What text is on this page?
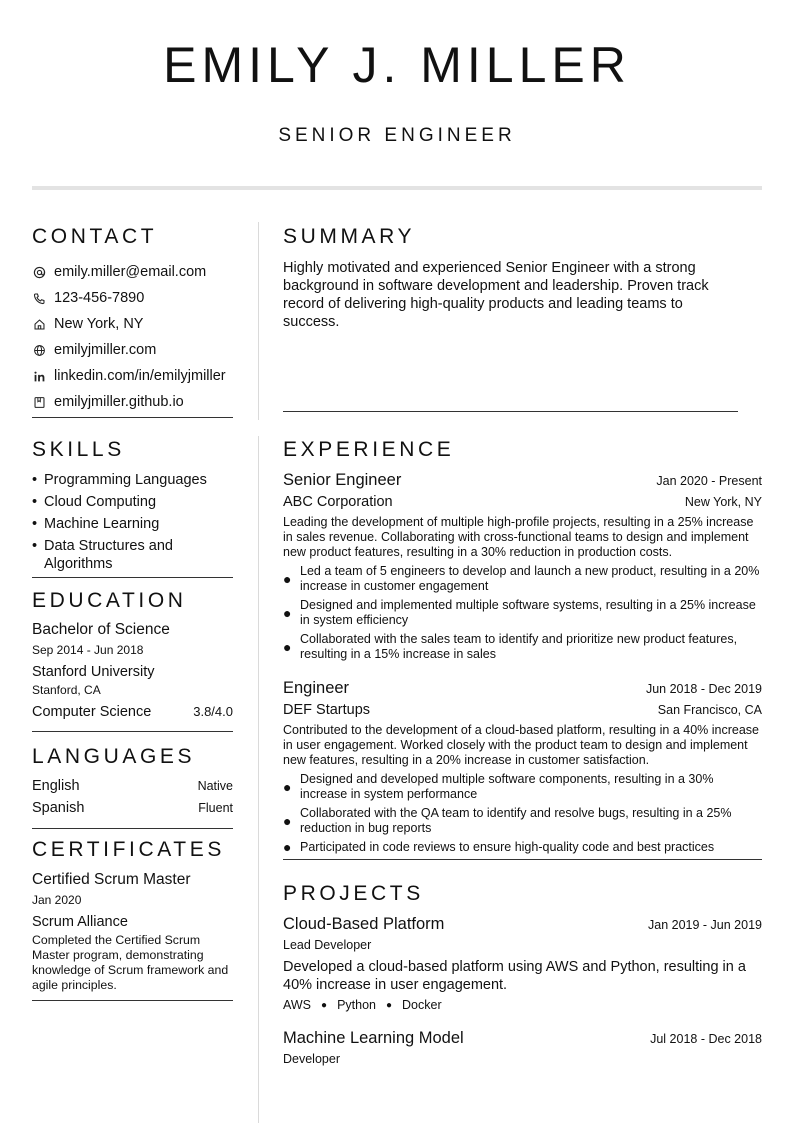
EMILY J. MILLER
SENIOR ENGINEER
CONTACT
emily.miller@email.com
123-456-7890
New York, NY
emilyjmiller.com
linkedin.com/in/emilyjmiller
emilyjmiller.github.io
SUMMARY
Highly motivated and experienced Senior Engineer with a strong background in software development and leadership. Proven track record of delivering high-quality products and leading teams to success.
SKILLS
• Programming Languages
• Cloud Computing
• Machine Learning
• Data Structures and Algorithms
EDUCATION
Bachelor of Science
Sep 2014 - Jun 2018
Stanford University
Stanford, CA
Computer Science	3.8/4.0
LANGUAGES
English	Native
Spanish	Fluent
CERTIFICATES
Certified Scrum Master
Jan 2020
Scrum Alliance
Completed the Certified Scrum Master program, demonstrating knowledge of Scrum framework and agile principles.
EXPERIENCE
Senior Engineer	Jan 2020 - Present
ABC Corporation	New York, NY
Leading the development of multiple high-profile projects, resulting in a 25% increase in sales revenue. Collaborating with cross-functional teams to design and implement new product features, resulting in a 30% reduction in production costs.
● Led a team of 5 engineers to develop and launch a new product, resulting in a 20% increase in customer engagement
● Designed and implemented multiple software systems, resulting in a 25% increase in system efficiency
● Collaborated with the sales team to identify and prioritize new product features, resulting in a 15% increase in sales
Engineer	Jun 2018 - Dec 2019
DEF Startups	San Francisco, CA
Contributed to the development of a cloud-based platform, resulting in a 40% increase in user engagement. Worked closely with the product team to design and implement new features, resulting in a 20% increase in customer satisfaction.
● Designed and developed multiple software components, resulting in a 30% increase in system performance
● Collaborated with the QA team to identify and resolve bugs, resulting in a 25% reduction in bug reports
● Participated in code reviews to ensure high-quality code and best practices
PROJECTS
Cloud-Based Platform	Jan 2019 - Jun 2019
Lead Developer
Developed a cloud-based platform using AWS and Python, resulting in a 40% increase in user engagement.
AWS ● Python ● Docker
Machine Learning Model	Jul 2018 - Dec 2018
Developer
